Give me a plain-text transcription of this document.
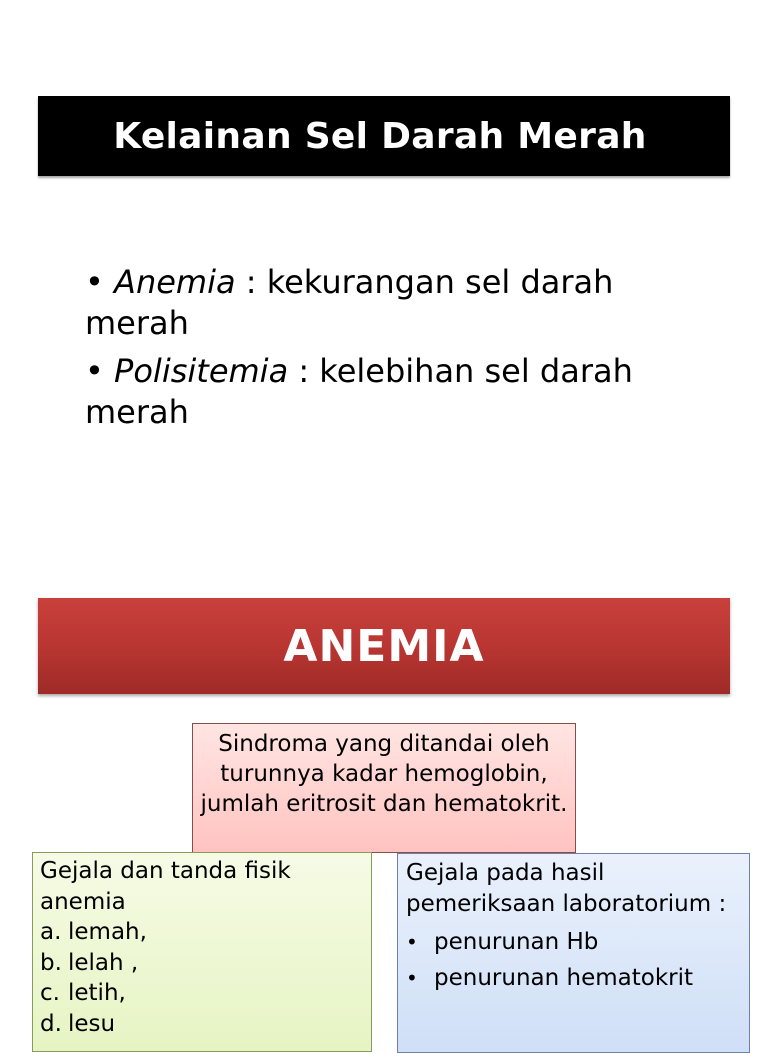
Kelainan Sel Darah Merah
• Anemia : kekurangan sel darah merah
• Polisitemia : kelebihan sel darah merah
ANEMIA
Sindroma yang ditandai oleh turunnya kadar hemoglobin, jumlah eritrosit dan hematokrit.
Gejala dan tanda fisik anemia
a. lemah,
b. lelah ,
c. letih,
d. lesu
Gejala pada hasil pemeriksaan laboratorium :
• penurunan Hb
• penurunan hematokrit
